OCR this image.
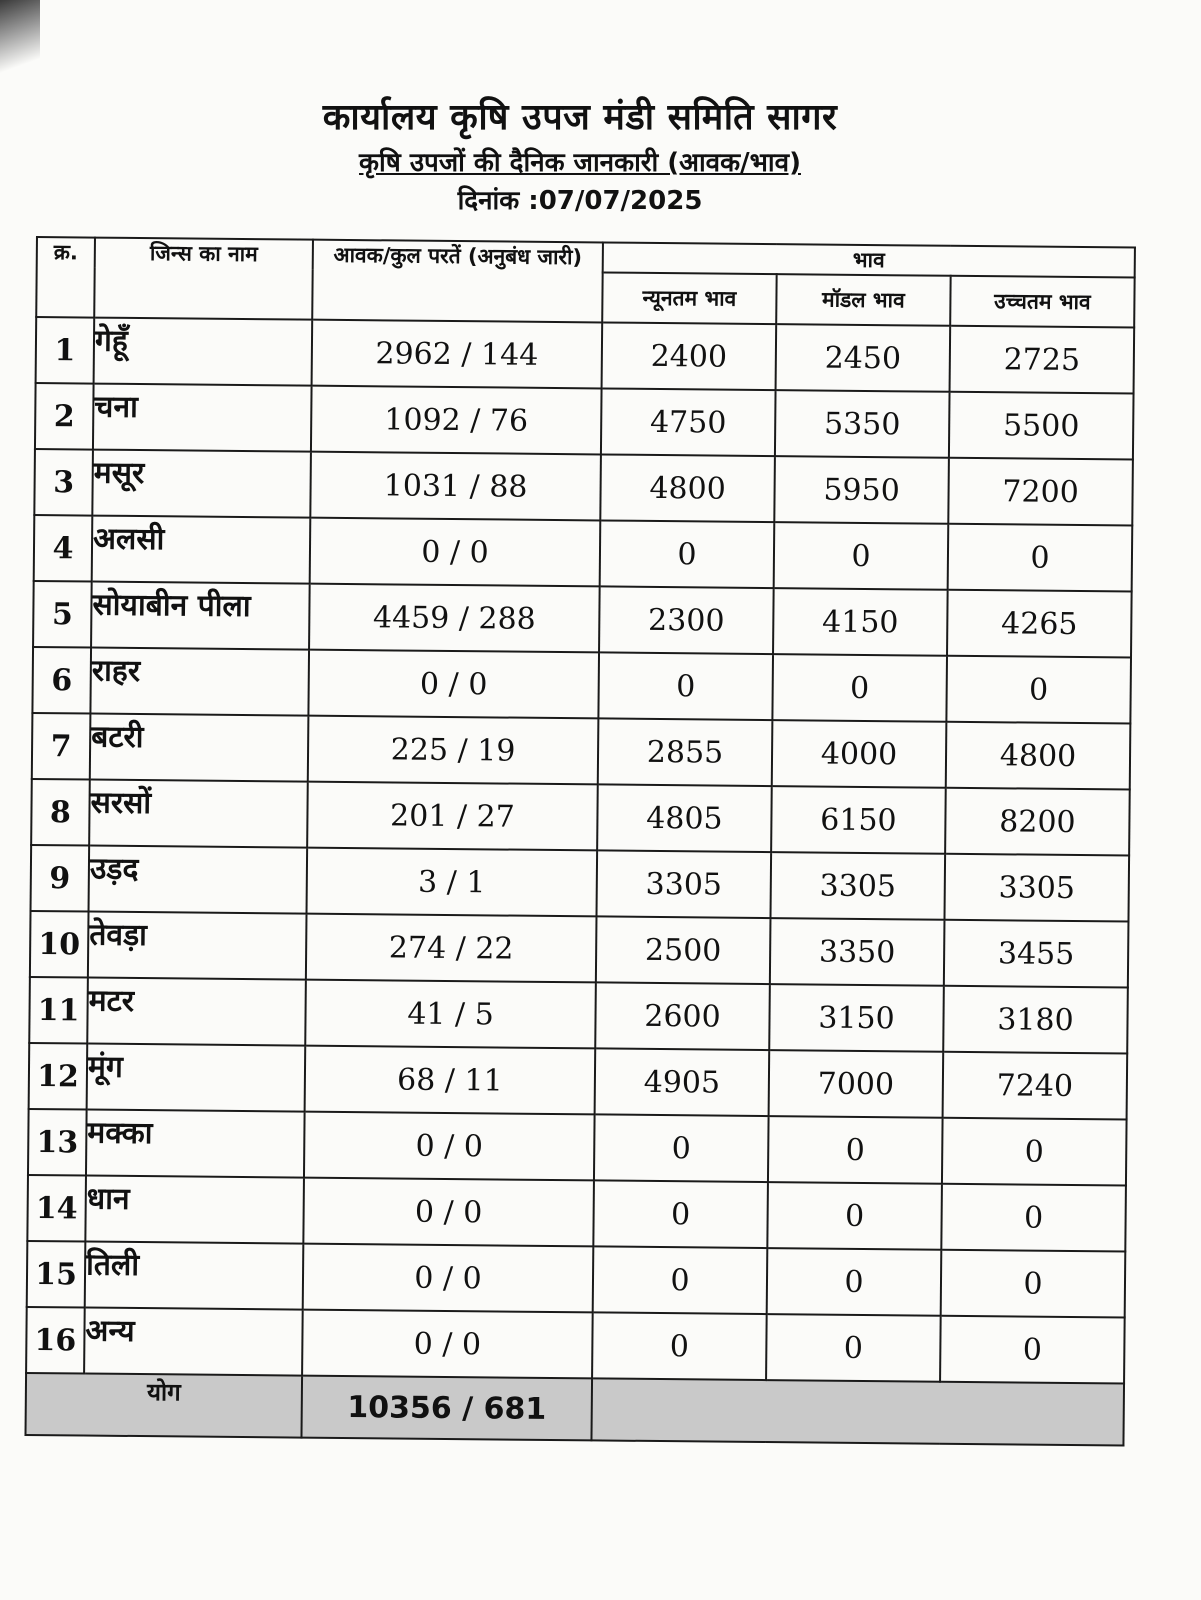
कार्यालय कृषि उपज मंडी समिति सागर
कृषि उपजों की दैनिक जानकारी (आवक/भाव)
दिनांक :07/07/2025
क्र.	जिन्स का नाम	आवक/कुल परतें (अनुबंध जारी)	भाव		
			न्यूनतम भाव	मॉडल भाव	उच्चतम भाव
1	गेहूँ	2962 / 144	2400	2450	2725
2	चना	1092 / 76	4750	5350	5500
3	मसूर	1031 / 88	4800	5950	7200
4	अलसी	0 / 0	0	0	0
5	सोयाबीन पीला	4459 / 288	2300	4150	4265
6	राहर	0 / 0	0	0	0
7	बटरी	225 / 19	2855	4000	4800
8	सरसों	201 / 27	4805	6150	8200
9	उड़द	3 / 1	3305	3305	3305
10	तेवड़ा	274 / 22	2500	3350	3455
11	मटर	41 / 5	2600	3150	3180
12	मूंग	68 / 11	4905	7000	7240
13	मक्का	0 / 0	0	0	0
14	धान	0 / 0	0	0	0
15	तिली	0 / 0	0	0	0
16	अन्य	0 / 0	0	0	0
योग		10356 / 681			
